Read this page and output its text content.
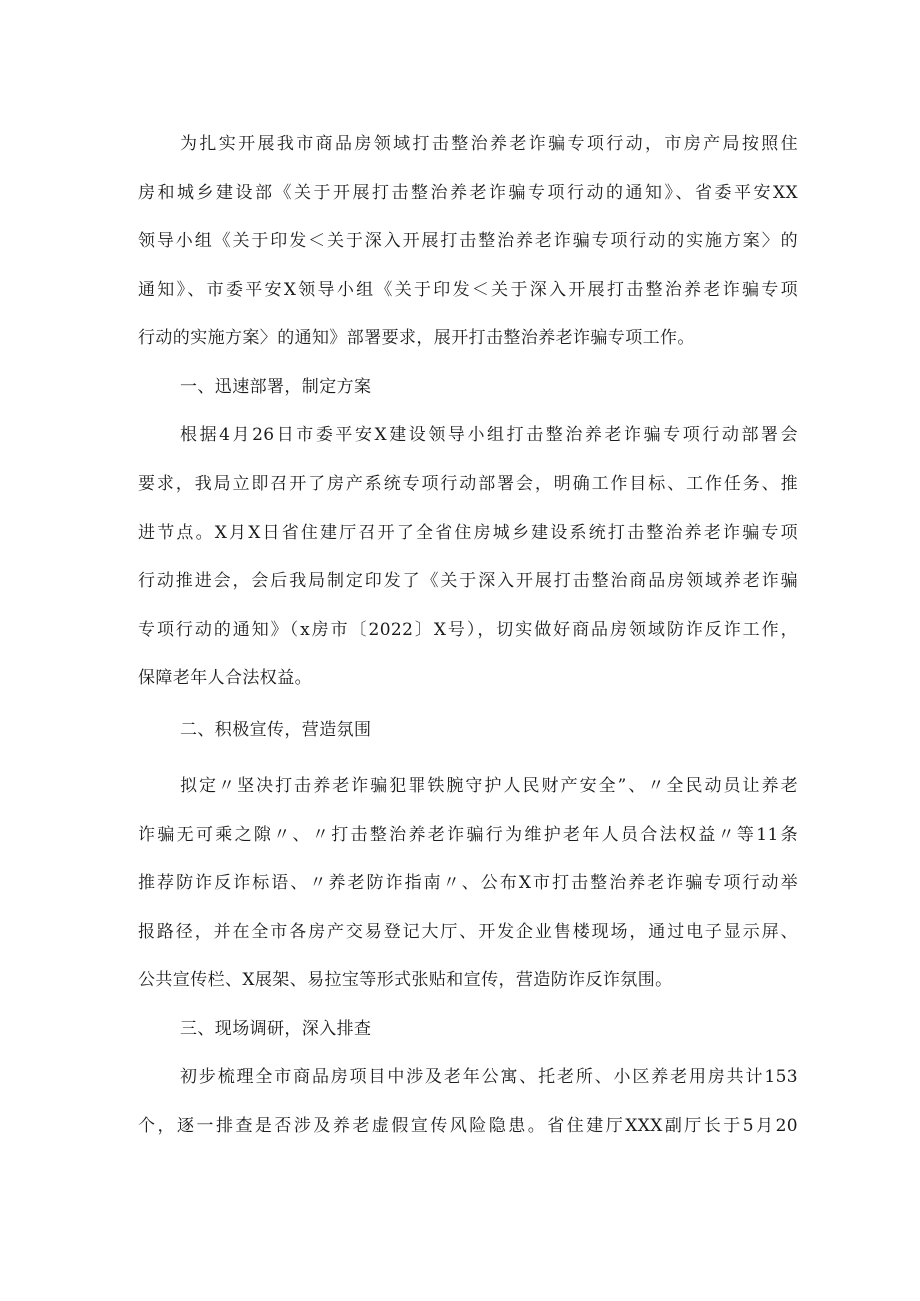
为扎实开展我市商品房领域打击整治养老诈骗专项行动，市房产局按照住
房和城乡建设部《关于开展打击整治养老诈骗专项行动的通知》、省委平安XX
领导小组《关于印发＜关于深入开展打击整治养老诈骗专项行动的实施方案〉的
通知》、市委平安X领导小组《关于印发＜关于深入开展打击整治养老诈骗专项
行动的实施方案〉的通知》部署要求，展开打击整治养老诈骗专项工作。
一、迅速部署，制定方案
根据4月26日市委平安X建设领导小组打击整治养老诈骗专项行动部署会
要求，我局立即召开了房产系统专项行动部署会，明确工作目标、工作任务、推
进节点。X月X日省住建厅召开了全省住房城乡建设系统打击整治养老诈骗专项
行动推进会，会后我局制定印发了《关于深入开展打击整治商品房领域养老诈骗
专项行动的通知》（x房市〔2022〕X号），切实做好商品房领域防诈反诈工作，
保障老年人合法权益。
二、积极宣传，营造氛围
拟定〃坚决打击养老诈骗犯罪铁腕守护人民财产安全”、〃全民动员让养老
诈骗无可乘之隙〃、〃打击整治养老诈骗行为维护老年人员合法权益〃等11条
推荐防诈反诈标语、〃养老防诈指南〃、公布X市打击整治养老诈骗专项行动举
报路径，并在全市各房产交易登记大厅、开发企业售楼现场，通过电子显示屏、
公共宣传栏、X展架、易拉宝等形式张贴和宣传，营造防诈反诈氛围。
三、现场调研，深入排查
初步梳理全市商品房项目中涉及老年公寓、托老所、小区养老用房共计153
个，逐一排查是否涉及养老虚假宣传风险隐患。省住建厅XXX副厅长于5月20
